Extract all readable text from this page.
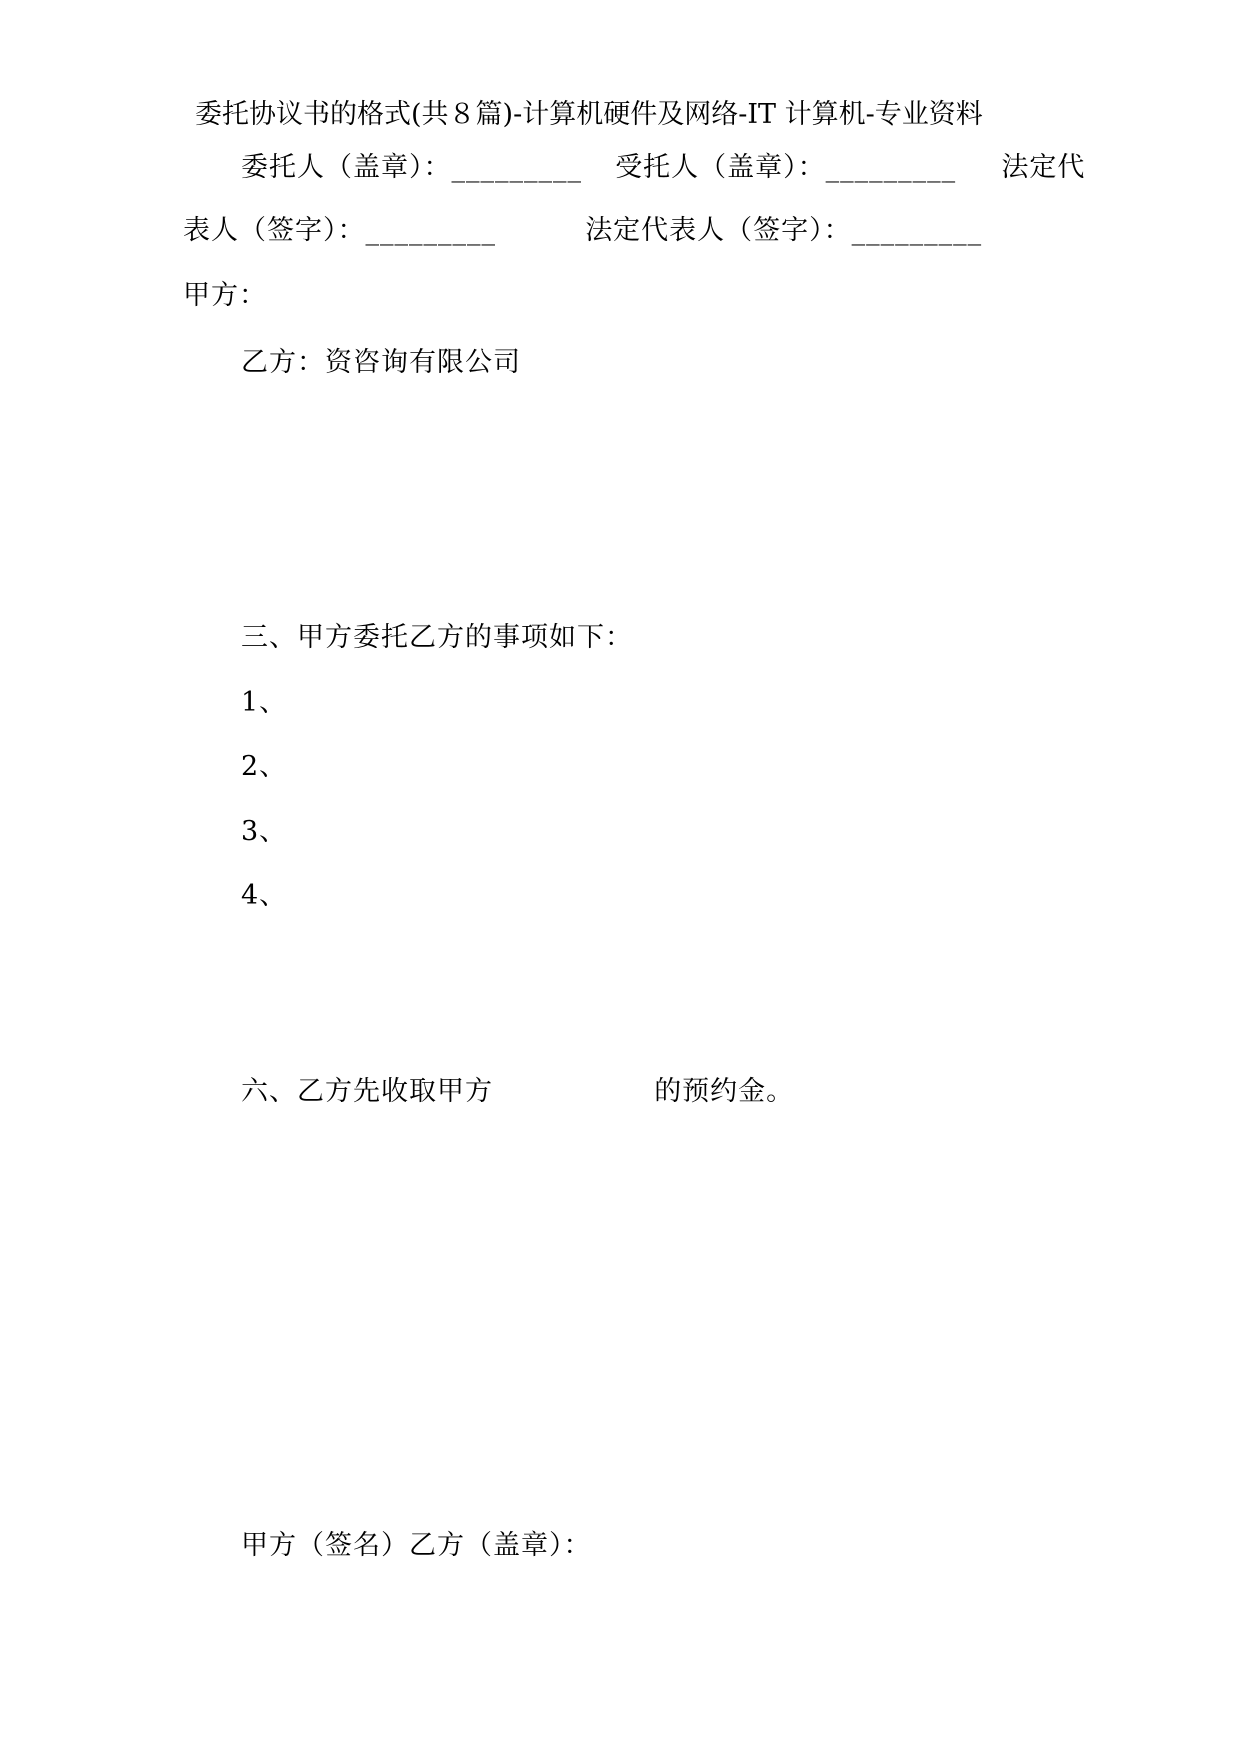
委托协议书的格式(共８篇)-计算机硬件及网络-IT 计算机-专业资料
委托人（盖章）：_________ 受托人（盖章）：_________ 法定代
表人（签字）：_________	法定代表人（签字）：_________
甲方：
乙方：资咨询有限公司
三、甲方委托乙方的事项如下：
1、
2、
3、
4、
六、乙方先收取甲方	的预约金。
甲方（签名）乙方（盖章）：
